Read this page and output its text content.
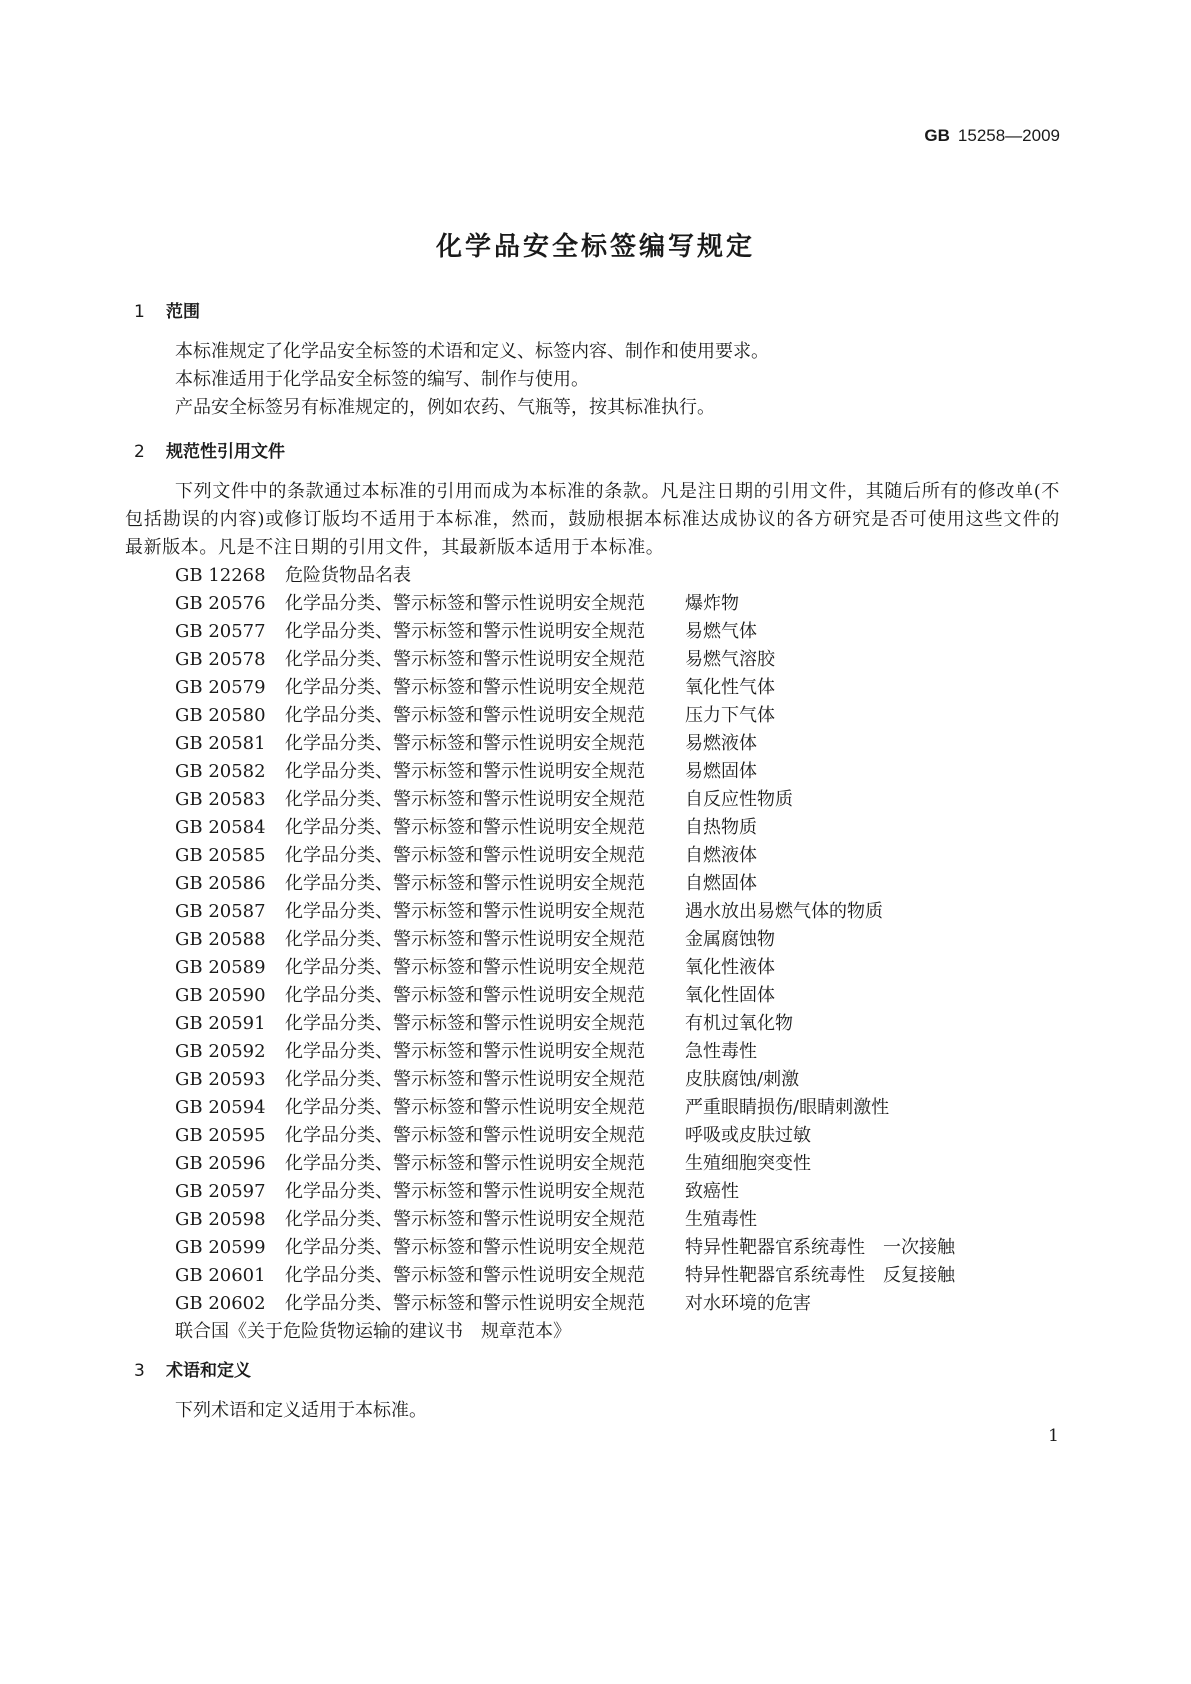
GB 15258—2009
化学品安全标签编写规定
1 范围
本标准规定了化学品安全标签的术语和定义、标签内容、制作和使用要求。
本标准适用于化学品安全标签的编写、制作与使用。
产品安全标签另有标准规定的，例如农药、气瓶等，按其标准执行。
2 规范性引用文件
下列文件中的条款通过本标准的引用而成为本标准的条款。凡是注日期的引用文件，其随后所有的修改单(不包括勘误的内容)或修订版均不适用于本标准，然而，鼓励根据本标准达成协议的各方研究是否可使用这些文件的最新版本。凡是不注日期的引用文件，其最新版本适用于本标准。
GB 12268	危险货物品名表
GB 20576	化学品分类、警示标签和警示性说明安全规范	爆炸物
GB 20577	化学品分类、警示标签和警示性说明安全规范	易燃气体
GB 20578	化学品分类、警示标签和警示性说明安全规范	易燃气溶胶
GB 20579	化学品分类、警示标签和警示性说明安全规范	氧化性气体
GB 20580	化学品分类、警示标签和警示性说明安全规范	压力下气体
GB 20581	化学品分类、警示标签和警示性说明安全规范	易燃液体
GB 20582	化学品分类、警示标签和警示性说明安全规范	易燃固体
GB 20583	化学品分类、警示标签和警示性说明安全规范	自反应性物质
GB 20584	化学品分类、警示标签和警示性说明安全规范	自热物质
GB 20585	化学品分类、警示标签和警示性说明安全规范	自燃液体
GB 20586	化学品分类、警示标签和警示性说明安全规范	自燃固体
GB 20587	化学品分类、警示标签和警示性说明安全规范	遇水放出易燃气体的物质
GB 20588	化学品分类、警示标签和警示性说明安全规范	金属腐蚀物
GB 20589	化学品分类、警示标签和警示性说明安全规范	氧化性液体
GB 20590	化学品分类、警示标签和警示性说明安全规范	氧化性固体
GB 20591	化学品分类、警示标签和警示性说明安全规范	有机过氧化物
GB 20592	化学品分类、警示标签和警示性说明安全规范	急性毒性
GB 20593	化学品分类、警示标签和警示性说明安全规范	皮肤腐蚀/刺激
GB 20594	化学品分类、警示标签和警示性说明安全规范	严重眼睛损伤/眼睛刺激性
GB 20595	化学品分类、警示标签和警示性说明安全规范	呼吸或皮肤过敏
GB 20596	化学品分类、警示标签和警示性说明安全规范	生殖细胞突变性
GB 20597	化学品分类、警示标签和警示性说明安全规范	致癌性
GB 20598	化学品分类、警示标签和警示性说明安全规范	生殖毒性
GB 20599	化学品分类、警示标签和警示性说明安全规范	特异性靶器官系统毒性　一次接触
GB 20601	化学品分类、警示标签和警示性说明安全规范	特异性靶器官系统毒性　反复接触
GB 20602	化学品分类、警示标签和警示性说明安全规范	对水环境的危害
联合国《关于危险货物运输的建议书　规章范本》
3 术语和定义
下列术语和定义适用于本标准。
1
